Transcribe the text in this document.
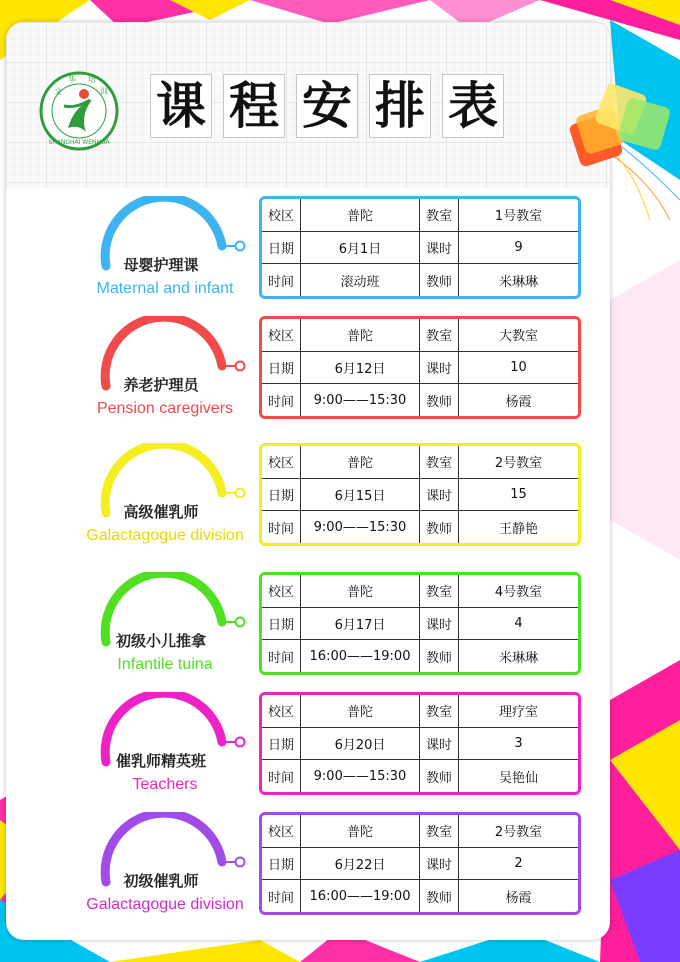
文
华 培
训
SHANGHAI WENHUA
课 程 安 排 表
母婴护理课
Maternal and infant
校区	普陀	教室	1号教室
日期	6月1日	课时	9
时间	滚动班	教师	米琳琳
养老护理员
Pension caregivers
校区	普陀	教室	大教室
日期	6月12日	课时	10
时间	9:00——15:30	教师	杨霞
高级催乳师
Galactagogue division
校区	普陀	教室	2号教室
日期	6月15日	课时	15
时间	9:00——15:30	教师	王静艳
初级小儿推拿
Infantile tuina
校区	普陀	教室	4号教室
日期	6月17日	课时	4
时间	16:00——19:00	教师	米琳琳
催乳师精英班
Teachers
校区	普陀	教室	理疗室
日期	6月20日	课时	3
时间	9:00——15:30	教师	吴艳仙
初级催乳师
Galactagogue division
校区	普陀	教室	2号教室
日期	6月22日	课时	2
时间	16:00——19:00	教师	杨霞
